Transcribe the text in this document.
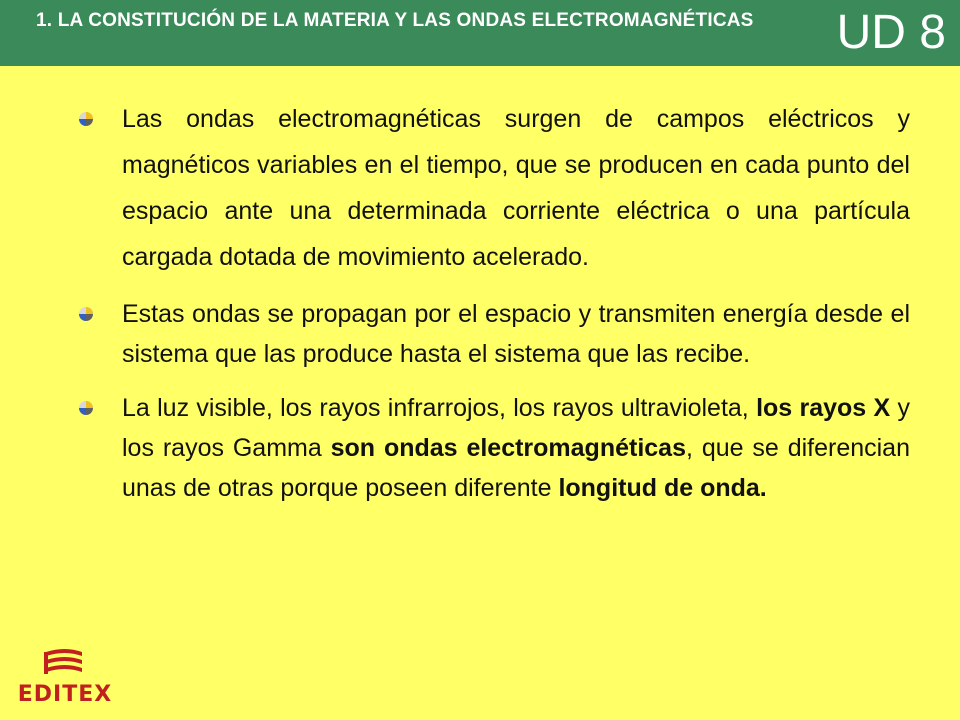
1. LA CONSTITUCIÓN DE LA MATERIA Y LAS ONDAS ELECTROMAGNÉTICAS UD 8
Las ondas electromagnéticas surgen de campos eléctricos y magnéticos variables en el tiempo, que se producen en cada punto del espacio ante una determinada corriente eléctrica o una partícula cargada dotada de movimiento acelerado.
Estas ondas se propagan por el espacio y transmiten energía desde el sistema que las produce hasta el sistema que las recibe.
La luz visible, los rayos infrarrojos, los rayos ultravioleta, los rayos X y los rayos Gamma son ondas electromagnéticas, que se diferencian unas de otras porque poseen diferente longitud de onda.
EDITEX
